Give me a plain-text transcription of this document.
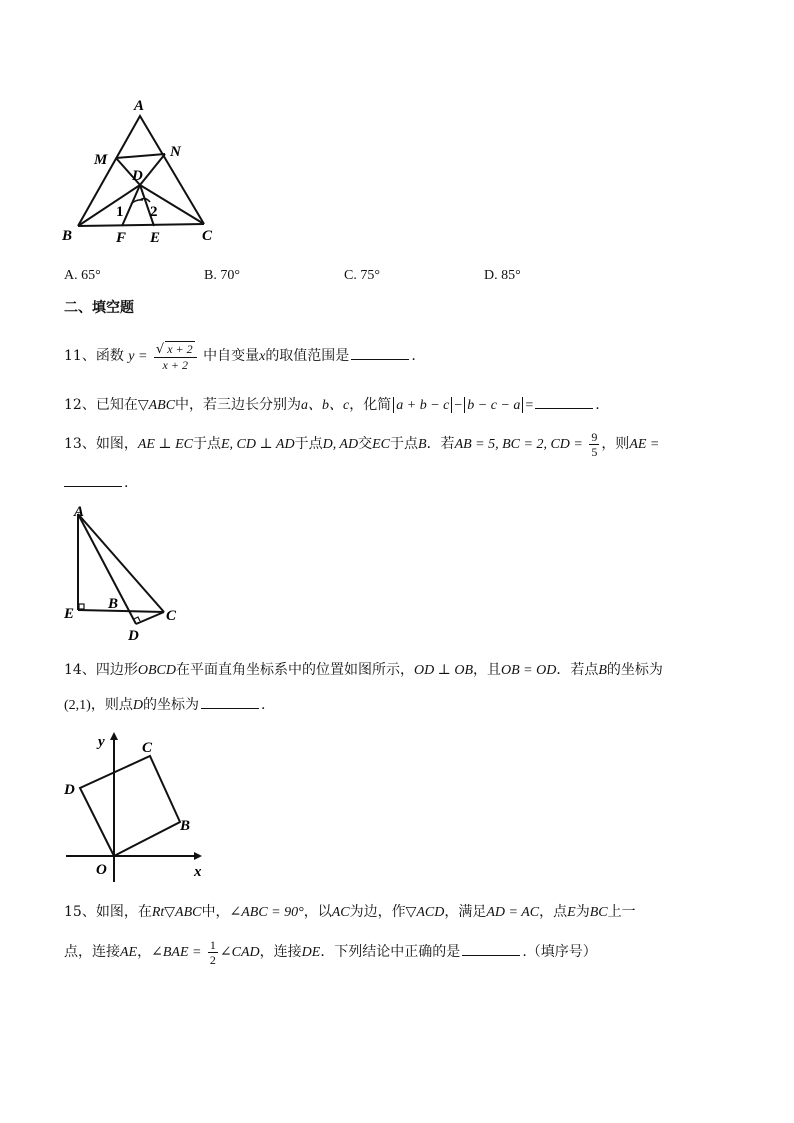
A
M	N
D
1 2
B	F E	C
A. 65°	B. 70°	C. 75°	D. 85°
二、填空题
11、函数 $y = \frac{√ x + 2}{x + 2}$ 中自变量x的取值范围是	.
12、已知在▽ABC中，若三边长分别为a、b、c，化简 a + b − c − b − c − a =	.
13、如图，AE ⊥ EC于点E, CD ⊥ AD于点D, AD交EC于点B．若AB = 5, BC = 2, CD = $\frac{9}{5}$ ，则AE =
.
A
E
B
C
D
14、四边形OBCD在平面直角坐标系中的位置如图所示，OD ⊥ OB，且OB = OD．若点B的坐标为
(2,1)，则点D的坐标为	.
y
x
C
D
B
O
15、如图，在Rt▽ABC中，∠ABC = 90°，以AC为边，作▽ACD，满足AD = AC，点E为BC上一
点，连接AE，∠BAE = $\frac{1}{2}$ ∠CAD，连接DE．下列结论中正确的是	.（填序号）
